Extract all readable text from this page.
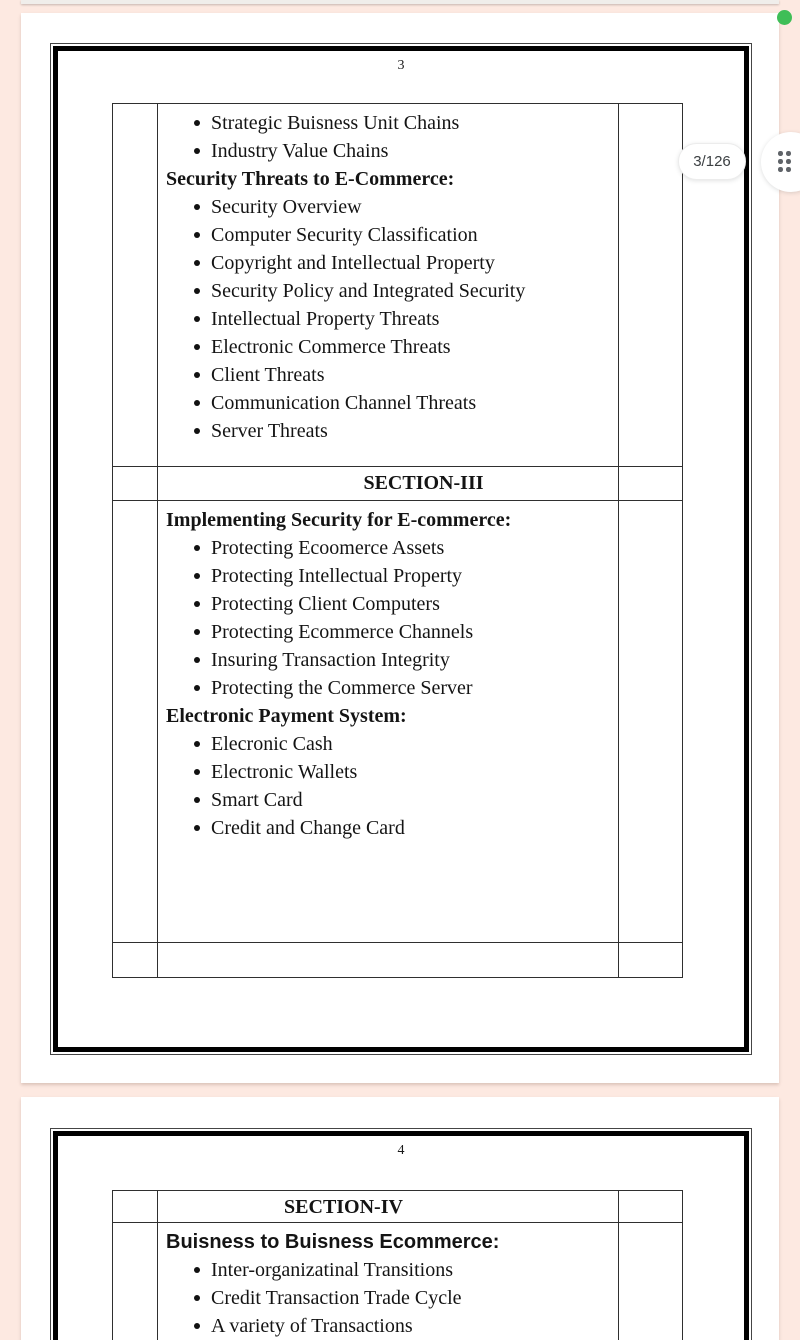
3
Strategic Buisness Unit Chains
Industry Value Chains
Security Threats to E-Commerce:
Security Overview
Computer Security Classification
Copyright and Intellectual Property
Security Policy and Integrated Security
Intellectual Property Threats
Electronic Commerce Threats
Client Threats
Communication Channel Threats
Server Threats
SECTION-III
Implementing Security for E-commerce:
Protecting Ecoomerce Assets
Protecting Intellectual Property
Protecting Client Computers
Protecting Ecommerce Channels
Insuring Transaction Integrity
Protecting the Commerce Server
Electronic Payment System:
Elecronic Cash
Electronic Wallets
Smart Card
Credit and Change Card
4
SECTION-IV
Buisness to Buisness Ecommerce:
Inter-organizatinal Transitions
Credit Transaction Trade Cycle
A variety of Transactions
3/126
